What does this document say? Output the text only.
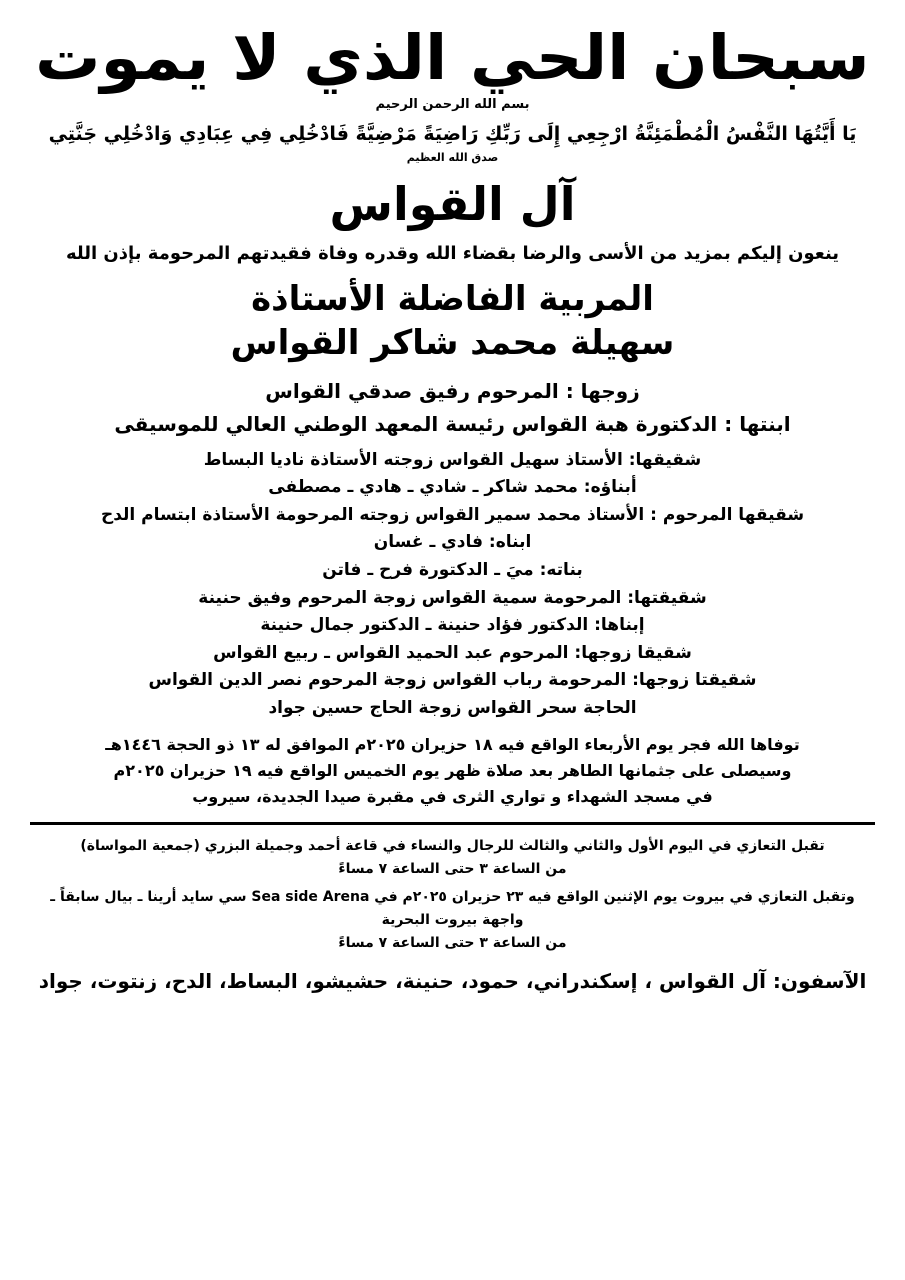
سبحان الحي الذي لا يموت
بسم الله الرحمن الرحيم
يَا أَيَّتُهَا النَّفْسُ الْمُطْمَئِنَّةُ ارْجِعِي إِلَى رَبِّكِ رَاضِيَةً مَرْضِيَّةً فَادْخُلِي فِي عِبَادِي وَادْخُلِي جَنَّتِي
صدق الله العظيم
آل القواس
ينعون إليكم بمزيد من الأسى والرضا بقضاء الله وقدره وفاة فقيدتهم المرحومة بإذن الله
المربية الفاضلة الأستاذة
سهيلة محمد شاكر القواس
زوجها : المرحوم رفيق صدقي القواس
ابنتها : الدكتورة هبة القواس رئيسة المعهد الوطني العالي للموسيقى
شقيقها: الأستاذ سهيل القواس زوجته الأستاذة ناديا البساط
أبناؤه: محمد شاكر ـ شادي ـ هادي ـ مصطفى
شقيقها المرحوم : الأستاذ محمد سمير القواس زوجته المرحومة الأستاذة ابتسام الدح
ابناه: فادي ـ غسان
بناته: ميَ ـ الدكتورة فرح ـ فاتن
شقيقتها: المرحومة سمية القواس زوجة المرحوم وفيق حنينة
إبناها: الدكتور فؤاد حنينة ـ الدكتور جمال حنينة
شقيقا زوجها: المرحوم عبد الحميد القواس ـ ربيع القواس
شقيقتا زوجها: المرحومة رباب القواس زوجة المرحوم نصر الدين القواس
الحاجة سحر القواس زوجة الحاج حسين جواد
توفاها الله فجر يوم الأربعاء الواقع فيه ١٨ حزيران ٢٠٢٥م الموافق له ١٣ ذو الحجة ١٤٤٦هـ
وسيصلى على جثمانها الطاهر بعد صلاة ظهر يوم الخميس الواقع فيه ١٩ حزيران ٢٠٢٥م
في مسجد الشهداء و تواري الثرى في مقبرة صيدا الجديدة، سيروب
تقبل التعازي في اليوم الأول والثاني والثالث للرجال والنساء في قاعة أحمد وجميلة البزري (جمعية المواساة)
من الساعة ٣ حتى الساعة ٧ مساءً
وتقبل التعازي في بيروت يوم الإثنين الواقع فيه ٢٣ حزيران ٢٠٢٥م في Sea side Arena سي سايد أرينا ـ بيال سابقاً ـ واجهة بيروت البحرية
من الساعة ٣ حتى الساعة ٧ مساءً
الآسفون: آل القواس ، إسكندراني، حمود، حنينة، حشيشو، البساط، الدح، زنتوت، جواد
